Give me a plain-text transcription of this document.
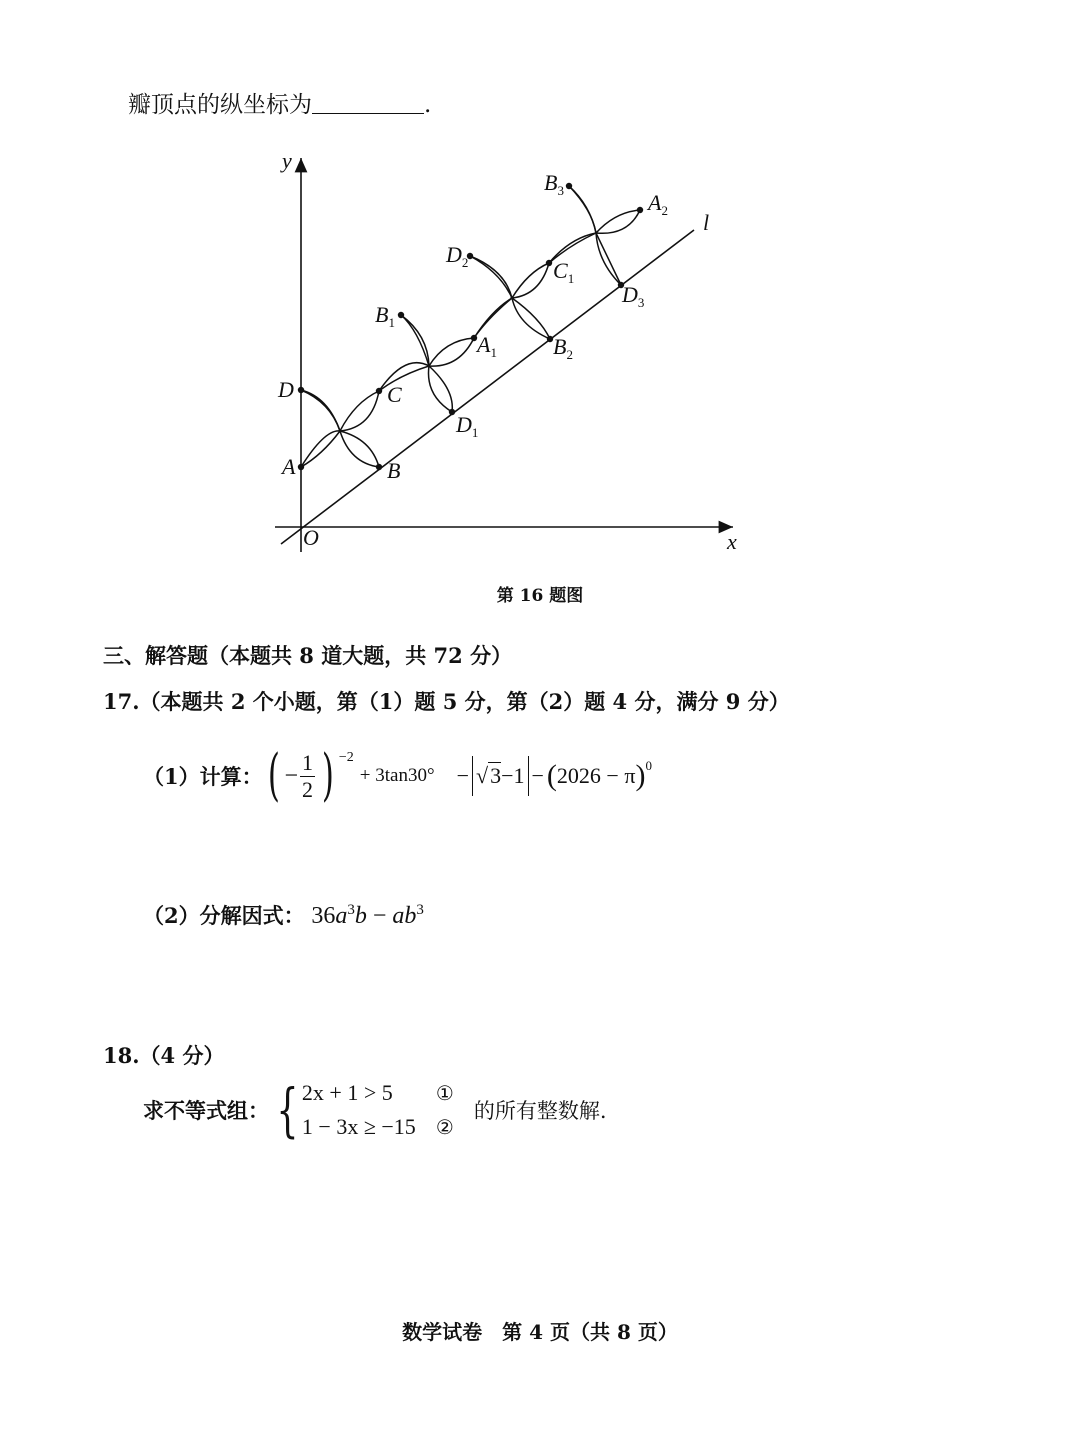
瓣顶点的纵坐标为	.
y
x
O
l
A
D
B
C
$B_1$
$A_1$
$D_1$
$D_2$	$C_1$
$B_2$
$B_3$	$A_2$
$D_3$
第 16 题图
三、解答题（本题共 8 道大题，共 72 分）
17.（本题共 2 个小题，第（1）题 5 分，第（2）题 4 分，满分 9 分）
（1）计算： ( − $\frac{1}{2}$ ) −2
+ 3tan30° − √3 −1 − ( 2026 − π ) 0
（2）分解因式： $36a^3b - ab^3$
18.（4 分）
求不等式组： { 2x + 1 > 5	①
1 − 3x ≥ −15	②
的所有整数解.
数学试卷　第 4 页（共 8 页）
